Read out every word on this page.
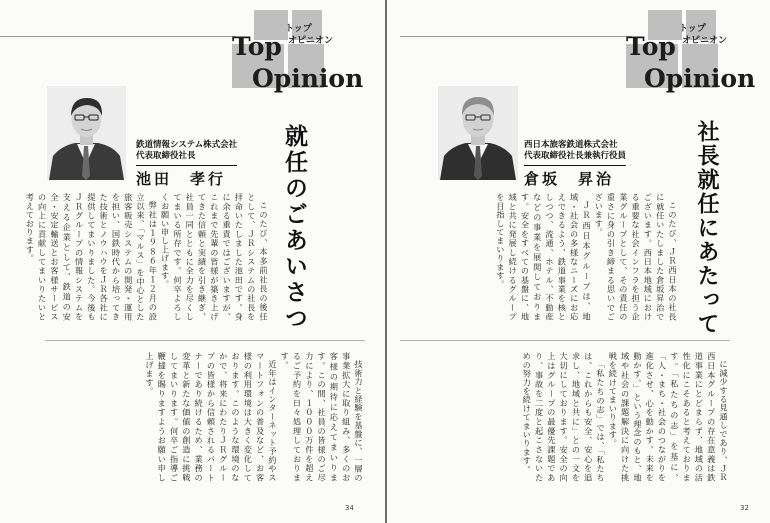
Top
トップ
オピニオン
Opinion
鉄道情報システム株式会社
代表取締役社長
池田　孝行	就任のごあいさつ

このたび、本多前社長の後任として、ＪＲシステムの社長を拝命いたしました池田です。身に余る重責ではございますが、これまで先輩の皆様が築き上げてきた信頼と実績を引き継ぎ、社員一同とともに全力を尽くしてまいる所存です。何卒よろしくお願い申し上げます。

弊社は１９８６年１２月の設立以来、「マルス」を中心とした旅客販売システムの開発・運用を担い、国鉄時代から培ってきた技術とノウハウをＪＲ各社に提供してまいりました。今後もＪＲグループの情報システムを支える企業として、鉄道の安全・安定輸送とお客様サービスの向上に貢献してまいりたいと考えております。

技術力と経験を基盤に、一層の事業拡大に取り組み、多くのお客様の期待に応えてまいります。この間、社員の皆様のご尽力により、１０００万件を超えるご予約を日々処理しております。

近年はインターネット予約やスマートフォンの普及など、お客様の利用環境は大きく変化しております。このような環境のなかで、将来にわたりＪＲグループの皆様から信頼されるパートナーであり続けるため、業務の変革と新たな価値の創造に挑戦してまいります。何卒ご指導ご鞭撻を賜りますようお願い申し上げます。

34
Top
トップ
オピニオン
Opinion
西日本旅客鉄道株式会社
代表取締役社長兼執行役員
倉坂　昇治	社長就任にあたって

このたび、ＪＲ西日本の社長に就任いたしました倉坂昇治でございます。西日本地域における重要な社会インフラを担う企業グループとして、その責任の重さに身の引き締まる思いでございます。

ＪＲ西日本グループは、地域・社会の多様なニーズにお応えできるよう、鉄道事業を核としつつ、流通、ホテル、不動産などの事業を展開しております。安全をすべての基盤に、地域と共に発展し続けるグループを目指してまいります。

に減少する見通しであり、ＪＲ西日本グループの存在意義は鉄道事業にとどまらず、地域の活性化にこそあると考えております。「私たちの志」を基に、「人・まち・社会のつながりを進化させ、心を動かす。未来を動かす。」という理念のもと、地域や社会の課題解決に向けた挑戦を続けてまいります。

「私たちの志」では、「私たちは、これからも安全、安心を追求し、地域と共に」との一文を大切にしております。安全の向上はグループの最優先課題であり、事故を二度と起こさないための努力を続けてまいります。

32
